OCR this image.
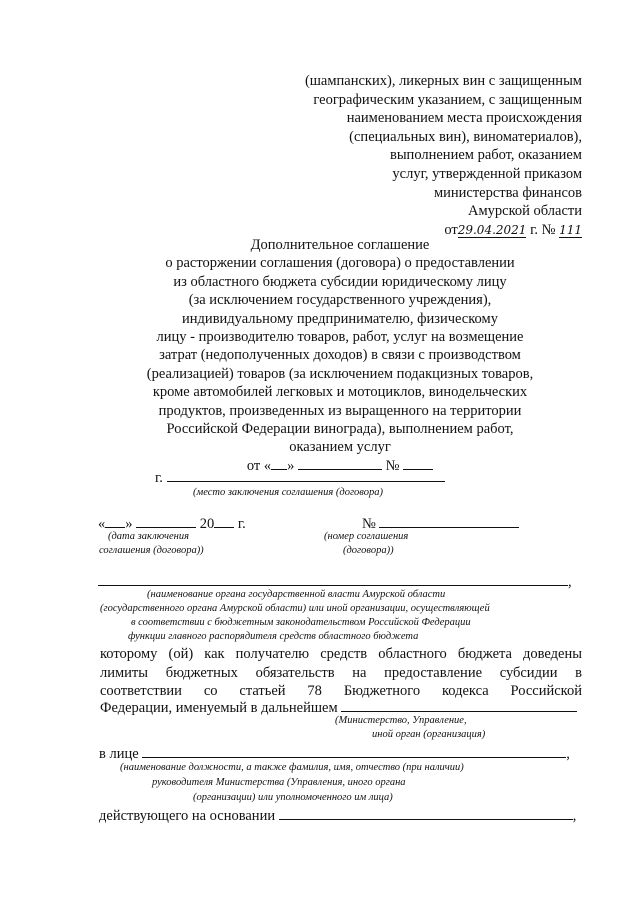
(шампанских), ликерных вин с защищенным
географическим указанием, с защищенным
наименованием места происхождения
(специальных вин), виноматериалов),
выполнением работ, оказанием
услуг, утвержденной приказом
министерства финансов
Амурской области
от29.04.2021 г. № 111
Дополнительное соглашение
о расторжении соглашения (договора) о предоставлении
из областного бюджета субсидии юридическому лицу
(за исключением государственного учреждения),
индивидуальному предпринимателю, физическому
лицу - производителю товаров, работ, услуг на возмещение
затрат (недополученных доходов) в связи с производством
(реализацией) товаров (за исключением подакцизных товаров,
кроме автомобилей легковых и мотоциклов, винодельческих
продуктов, произведенных из выращенного на территории
Российской Федерации винограда), выполнением работ,
оказанием услуг
от « »	№
г.
(место заключения соглашения (договора)
« »	20 г.	№
(дата заключения
соглашения (договора))
(номер соглашения
(договора))
,
(наименование органа государственной власти Амурской области
(государственного органа Амурской области) или иной организации, осуществляющей
в соответствии с бюджетным законодательством Российской Федерации
функции главного распорядителя средств областного бюджета
которому (ой) как получателю средств областного бюджета доведены
лимиты бюджетных обязательств на предоставление субсидии в
соответствии со статьей 78 Бюджетного кодекса Российской
Федерации, именуемый в дальнейшем
(Министерство, Управление,
иной орган (организация)
в лице	,
(наименование должности, а также фамилия, имя, отчество (при наличии)
руководителя Министерства (Управления, иного органа
(организации) или уполномоченного им лица)
действующего на основании	,
